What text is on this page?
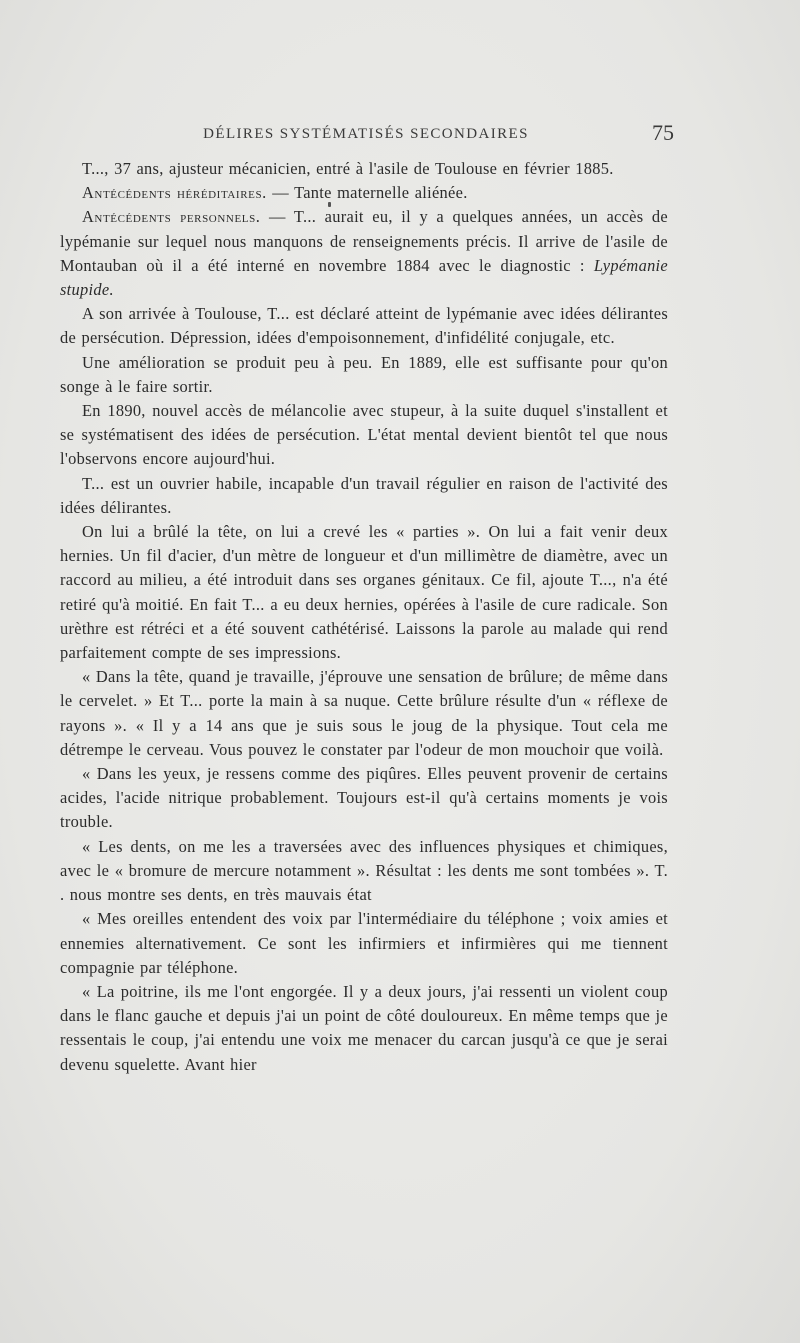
DÉLIRES SYSTÉMATISÉS SECONDAIRES	75

T..., 37 ans, ajusteur mécanicien, entré à l'asile de Toulouse en février 1885.

Antécédents héréditaires. — Tante maternelle aliénée.

Antécédents personnels. — T... aurait eu, il y a quelques années, un accès de lypémanie sur lequel nous manquons de renseignements précis. Il arrive de l'asile de Montauban où il a été interné en novembre 1884 avec le diagnostic : Lypémanie stupide.

A son arrivée à Toulouse, T... est déclaré atteint de lypémanie avec idées délirantes de persécution. Dépression, idées d'empoisonnement, d'infidélité conjugale, etc.

Une amélioration se produit peu à peu. En 1889, elle est suffisante pour qu'on songe à le faire sortir.

En 1890, nouvel accès de mélancolie avec stupeur, à la suite duquel s'installent et se systématisent des idées de persécution. L'état mental devient bientôt tel que nous l'observons encore aujourd'hui.

T... est un ouvrier habile, incapable d'un travail régulier en raison de l'activité des idées délirantes.

On lui a brûlé la tête, on lui a crevé les « parties ». On lui a fait venir deux hernies. Un fil d'acier, d'un mètre de longueur et d'un millimètre de diamètre, avec un raccord au milieu, a été introduit dans ses organes génitaux. Ce fil, ajoute T..., n'a été retiré qu'à moitié. En fait T... a eu deux hernies, opérées à l'asile de cure radicale. Son urèthre est rétréci et a été souvent cathétérisé. Laissons la parole au malade qui rend parfaitement compte de ses impressions.

« Dans la tête, quand je travaille, j'éprouve une sensation de brûlure; de même dans le cervelet. » Et T... porte la main à sa nuque. Cette brûlure résulte d'un « réflexe de rayons ». « Il y a 14 ans que je suis sous le joug de la physique. Tout cela me détrempe le cerveau. Vous pouvez le constater par l'odeur de mon mouchoir que voilà.

« Dans les yeux, je ressens comme des piqûres. Elles peuvent provenir de certains acides, l'acide nitrique probablement. Toujours est-il qu'à certains moments je vois trouble.

« Les dents, on me les a traversées avec des influences physiques et chimiques, avec le « bromure de mercure notamment ». Résultat : les dents me sont tombées ». T. . nous montre ses dents, en très mauvais état

« Mes oreilles entendent des voix par l'intermédiaire du téléphone ; voix amies et ennemies alternativement. Ce sont les infirmiers et infirmières qui me tiennent compagnie par téléphone.

« La poitrine, ils me l'ont engorgée. Il y a deux jours, j'ai ressenti un violent coup dans le flanc gauche et depuis j'ai un point de côté douloureux. En même temps que je ressentais le coup, j'ai entendu une voix me menacer du carcan jusqu'à ce que je serai devenu squelette. Avant hier
